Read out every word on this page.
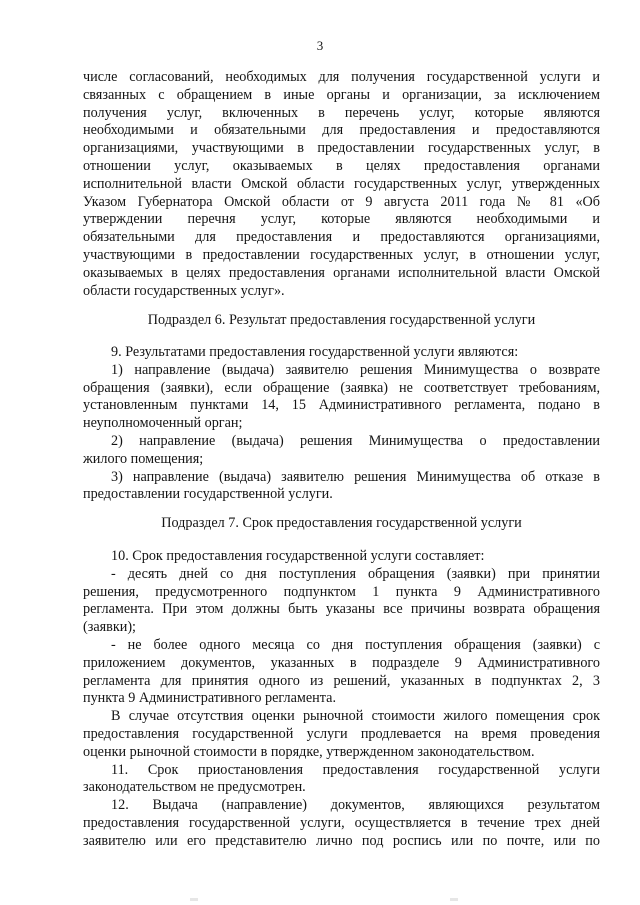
3
числе согласований, необходимых для получения государственной услуги и
связанных с обращением в иные органы и организации, за исключением
получения услуг, включенных в перечень услуг, которые являются
необходимыми и обязательными для предоставления и предоставляются
организациями, участвующими в предоставлении государственных услуг, в
отношении услуг, оказываемых в целях предоставления органами
исполнительной власти Омской области государственных услуг, утвержденных
Указом Губернатора Омской области от 9 августа 2011 года № 81 «Об
утверждении перечня услуг, которые являются необходимыми и
обязательными для предоставления и предоставляются организациями,
участвующими в предоставлении государственных услуг, в отношении услуг,
оказываемых в целях предоставления органами исполнительной власти Омской
области государственных услуг».
Подраздел 6. Результат предоставления государственной услуги
9. Результатами предоставления государственной услуги являются:
1) направление (выдача) заявителю решения Минимущества о возврате
обращения (заявки), если обращение (заявка) не соответствует требованиям,
установленным пунктами 14, 15 Административного регламента, подано в
неуполномоченный орган;
2) направление (выдача) решения Минимущества о предоставлении
жилого помещения;
3) направление (выдача) заявителю решения Минимущества об отказе в
предоставлении государственной услуги.
Подраздел 7. Срок предоставления государственной услуги
10. Срок предоставления государственной услуги составляет:
- десять дней со дня поступления обращения (заявки) при принятии
решения, предусмотренного подпунктом 1 пункта 9 Административного
регламента. При этом должны быть указаны все причины возврата обращения
(заявки);
- не более одного месяца со дня поступления обращения (заявки) с
приложением документов, указанных в подразделе 9 Административного
регламента для принятия одного из решений, указанных в подпунктах 2, 3
пункта 9 Административного регламента.
В случае отсутствия оценки рыночной стоимости жилого помещения срок
предоставления государственной услуги продлевается на время проведения
оценки рыночной стоимости в порядке, утвержденном законодательством.
11. Срок приостановления предоставления государственной услуги
законодательством не предусмотрен.
12. Выдача (направление) документов, являющихся результатом
предоставления государственной услуги, осуществляется в течение трех дней
заявителю или его представителю лично под роспись или по почте, или по
